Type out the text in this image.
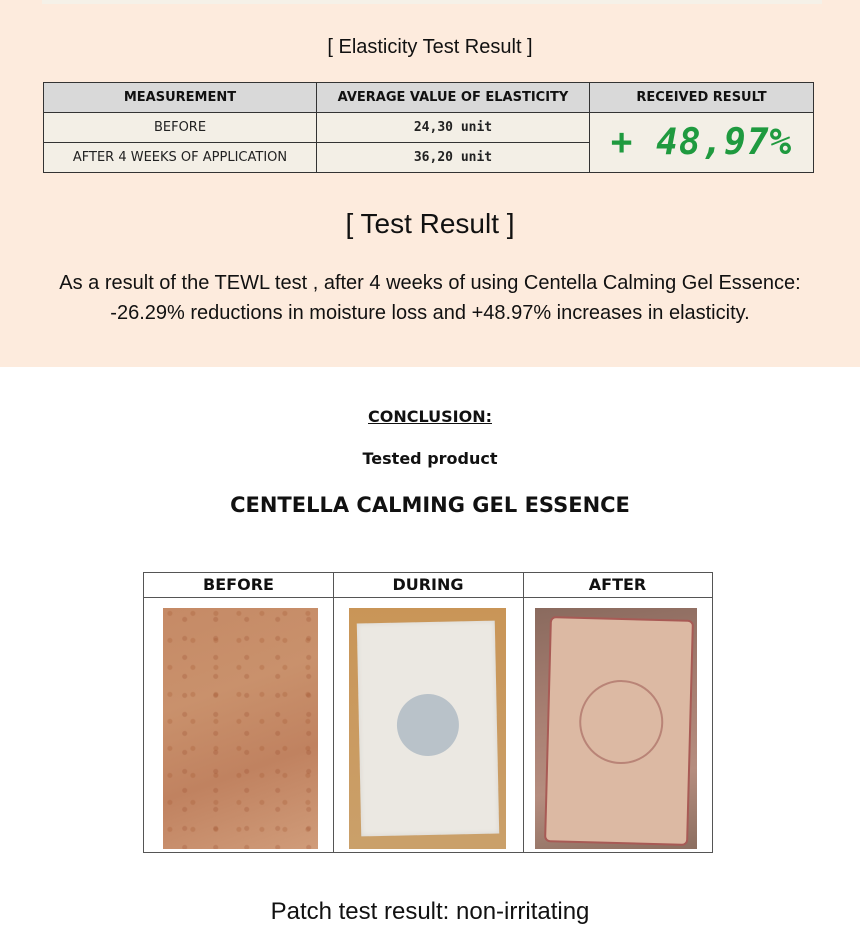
[ Elasticity Test Result ]
MEASUREMENT	AVERAGE VALUE OF ELASTICITY	RECEIVED RESULT
BEFORE	24,30 unit	+ 48,97%
AFTER 4 WEEKS OF APPLICATION	36,20 unit	
[ Test Result ]
As a result of the TEWL test , after 4 weeks of using Centella Calming Gel Essence:
-26.29% reductions in moisture loss and +48.97% increases in elasticity.
CONCLUSION:
Tested product
CENTELLA CALMING GEL ESSENCE
BEFORE	DURING	AFTER
Patch test result: non-irritating
